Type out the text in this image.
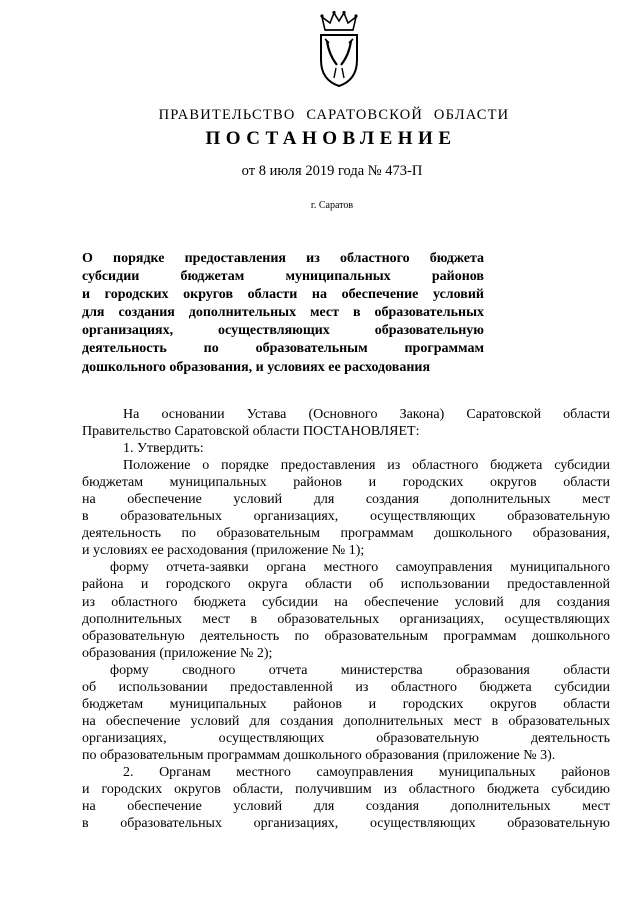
ПРАВИТЕЛЬСТВО САРАТОВСКОЙ ОБЛАСТИ
ПОСТАНОВЛЕНИЕ
от 8 июля 2019 года № 473-П
г. Саратов
О порядке предоставления из областного бюджета
субсидии бюджетам муниципальных районов
и городских округов области на обеспечение условий
для создания дополнительных мест в образовательных
организациях, осуществляющих образовательную
деятельность по образовательным программам
дошкольного образования, и условиях ее расходования
На основании Устава (Основного Закона) Саратовской области
Правительство Саратовской области ПОСТАНОВЛЯЕТ:
1. Утвердить:
Положение о порядке предоставления из областного бюджета субсидии
бюджетам муниципальных районов и городских округов области
на обеспечение условий для создания дополнительных мест
в образовательных организациях, осуществляющих образовательную
деятельность по образовательным программам дошкольного образования,
и условиях ее расходования (приложение № 1);
форму отчета-заявки органа местного самоуправления муниципального
района и городского округа области об использовании предоставленной
из областного бюджета субсидии на обеспечение условий для создания
дополнительных мест в образовательных организациях, осуществляющих
образовательную деятельность по образовательным программам дошкольного
образования (приложение № 2);
форму сводного отчета министерства образования области
об использовании предоставленной из областного бюджета субсидии
бюджетам муниципальных районов и городских округов области
на обеспечение условий для создания дополнительных мест в образовательных
организациях, осуществляющих образовательную деятельность
по образовательным программам дошкольного образования (приложение № 3).
2. Органам местного самоуправления муниципальных районов
и городских округов области, получившим из областного бюджета субсидию
на обеспечение условий для создания дополнительных мест
в образовательных организациях, осуществляющих образовательную
